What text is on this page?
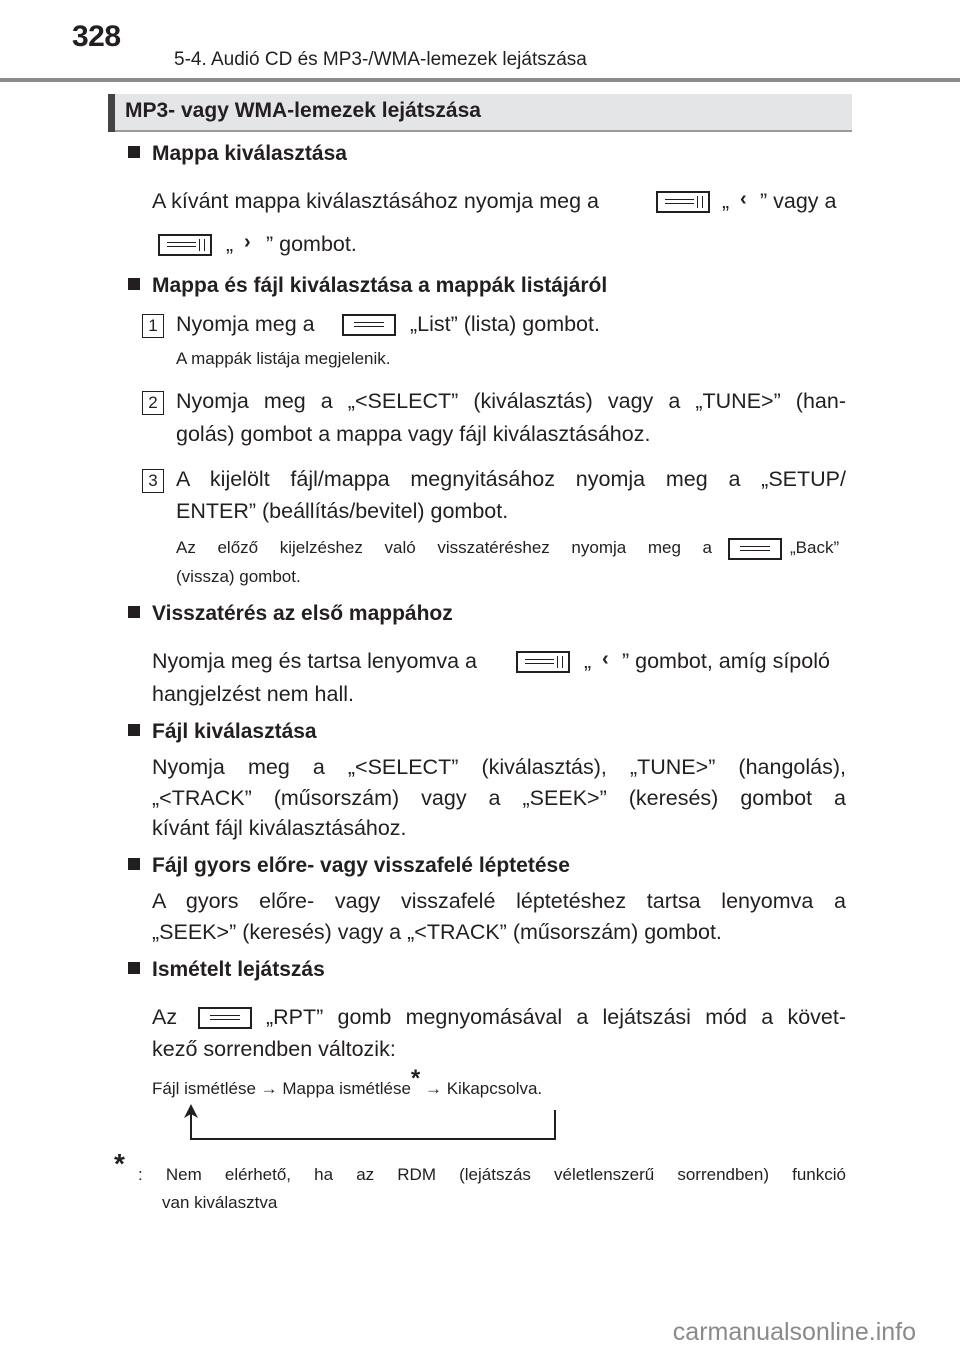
328
5-4. Audió CD és MP3-/WMA-lemezek lejátszása
MP3- vagy WMA-lemezek lejátszása
Mappa kiválasztása
A kívánt mappa kiválasztásához nyomja meg a	„ ‹ ” vagy a
„ › ” gombot.
Mappa és fájl kiválasztása a mappák listájáról
1 Nyomja meg a	„List” (lista) gombot.
A mappák listája megjelenik.
2 Nyomja meg a „<SELECT” (kiválasztás) vagy a „TUNE>” (han-
golás) gombot a mappa vagy fájl kiválasztásához.
3 A kijelölt fájl/mappa megnyitásához nyomja meg a „SETUP/
ENTER” (beállítás/bevitel) gombot.
Az előző kijelzéshez való visszatéréshez nyomja meg a	„Back”
(vissza) gombot.
Visszatérés az első mappához
Nyomja meg és tartsa lenyomva a	„ ‹ ” gombot, amíg sípoló
hangjelzést nem hall.
Fájl kiválasztása
Nyomja meg a „<SELECT” (kiválasztás), „TUNE>” (hangolás),
„<TRACK” (műsorszám) vagy a „SEEK>” (keresés) gombot a
kívánt fájl kiválasztásához.
Fájl gyors előre- vagy visszafelé léptetése
A gyors előre- vagy visszafelé léptetéshez tartsa lenyomva a
„SEEK>” (keresés) vagy a „<TRACK” (műsorszám) gombot.
Ismételt lejátszás
Az	„RPT” gomb megnyomásával a lejátszási mód a követ-
kező sorrendben változik:
Fájl ismétlése → Mappa ismétlése* → Kikapcsolva.
* : Nem elérhető, ha az RDM (lejátszás véletlenszerű sorrendben) funkció
van kiválasztva
carmanualsonline.info
